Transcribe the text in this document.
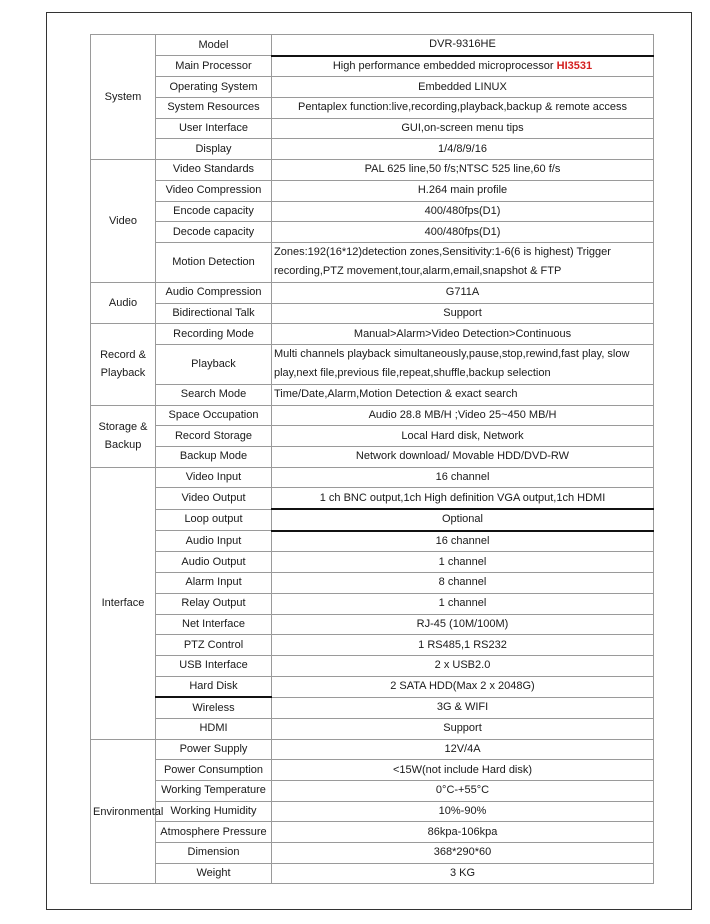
System	Model	DVR-9316HE
	Main Processor	High performance embedded microprocessor HI3531
	Operating System	Embedded LINUX
	System Resources	Pentaplex function:live,recording,playback,backup & remote access
	User Interface	GUI,on-screen menu tips
	Display	1/4/8/9/16
Video	Video Standards	PAL 625 line,50 f/s;NTSC 525 line,60 f/s
	Video Compression	H.264 main profile
	Encode capacity	400/480fps(D1)
	Decode capacity	400/480fps(D1)
	Motion Detection	Zones:192(16*12)detection zones,Sensitivity:1-6(6 is highest) Trigger recording,PTZ movement,tour,alarm,email,snapshot & FTP
Audio	Audio Compression	G711A
	Bidirectional Talk	Support
Record & Playback	Recording Mode	Manual>Alarm>Video Detection>Continuous
	Playback	Multi channels playback simultaneously,pause,stop,rewind,fast play, slow play,next file,previous file,repeat,shuffle,backup selection
	Search Mode	Time/Date,Alarm,Motion Detection & exact search
Storage & Backup	Space Occupation	Audio 28.8 MB/H ;Video 25~450 MB/H
	Record Storage	Local Hard disk, Network
	Backup Mode	Network download/ Movable HDD/DVD-RW
Interface	Video Input	16 channel
	Video Output	1 ch BNC output,1ch High definition VGA output,1ch HDMI
	Loop output	Optional
	Audio Input	16 channel
	Audio Output	1 channel
	Alarm Input	8 channel
	Relay Output	1 channel
	Net Interface	RJ-45 (10M/100M)
	PTZ Control	1 RS485,1 RS232
	USB Interface	2 x USB2.0
	Hard Disk	2 SATA HDD(Max 2 x 2048G)
	Wireless	3G & WIFI
	HDMI	Support
Environmental	Power Supply	12V/4A
	Power Consumption	<15W(not include Hard disk)
	Working Temperature	0°C-+55°C
	Working Humidity	10%-90%
	Atmosphere Pressure	86kpa-106kpa
	Dimension	368*290*60
	Weight	3 KG
